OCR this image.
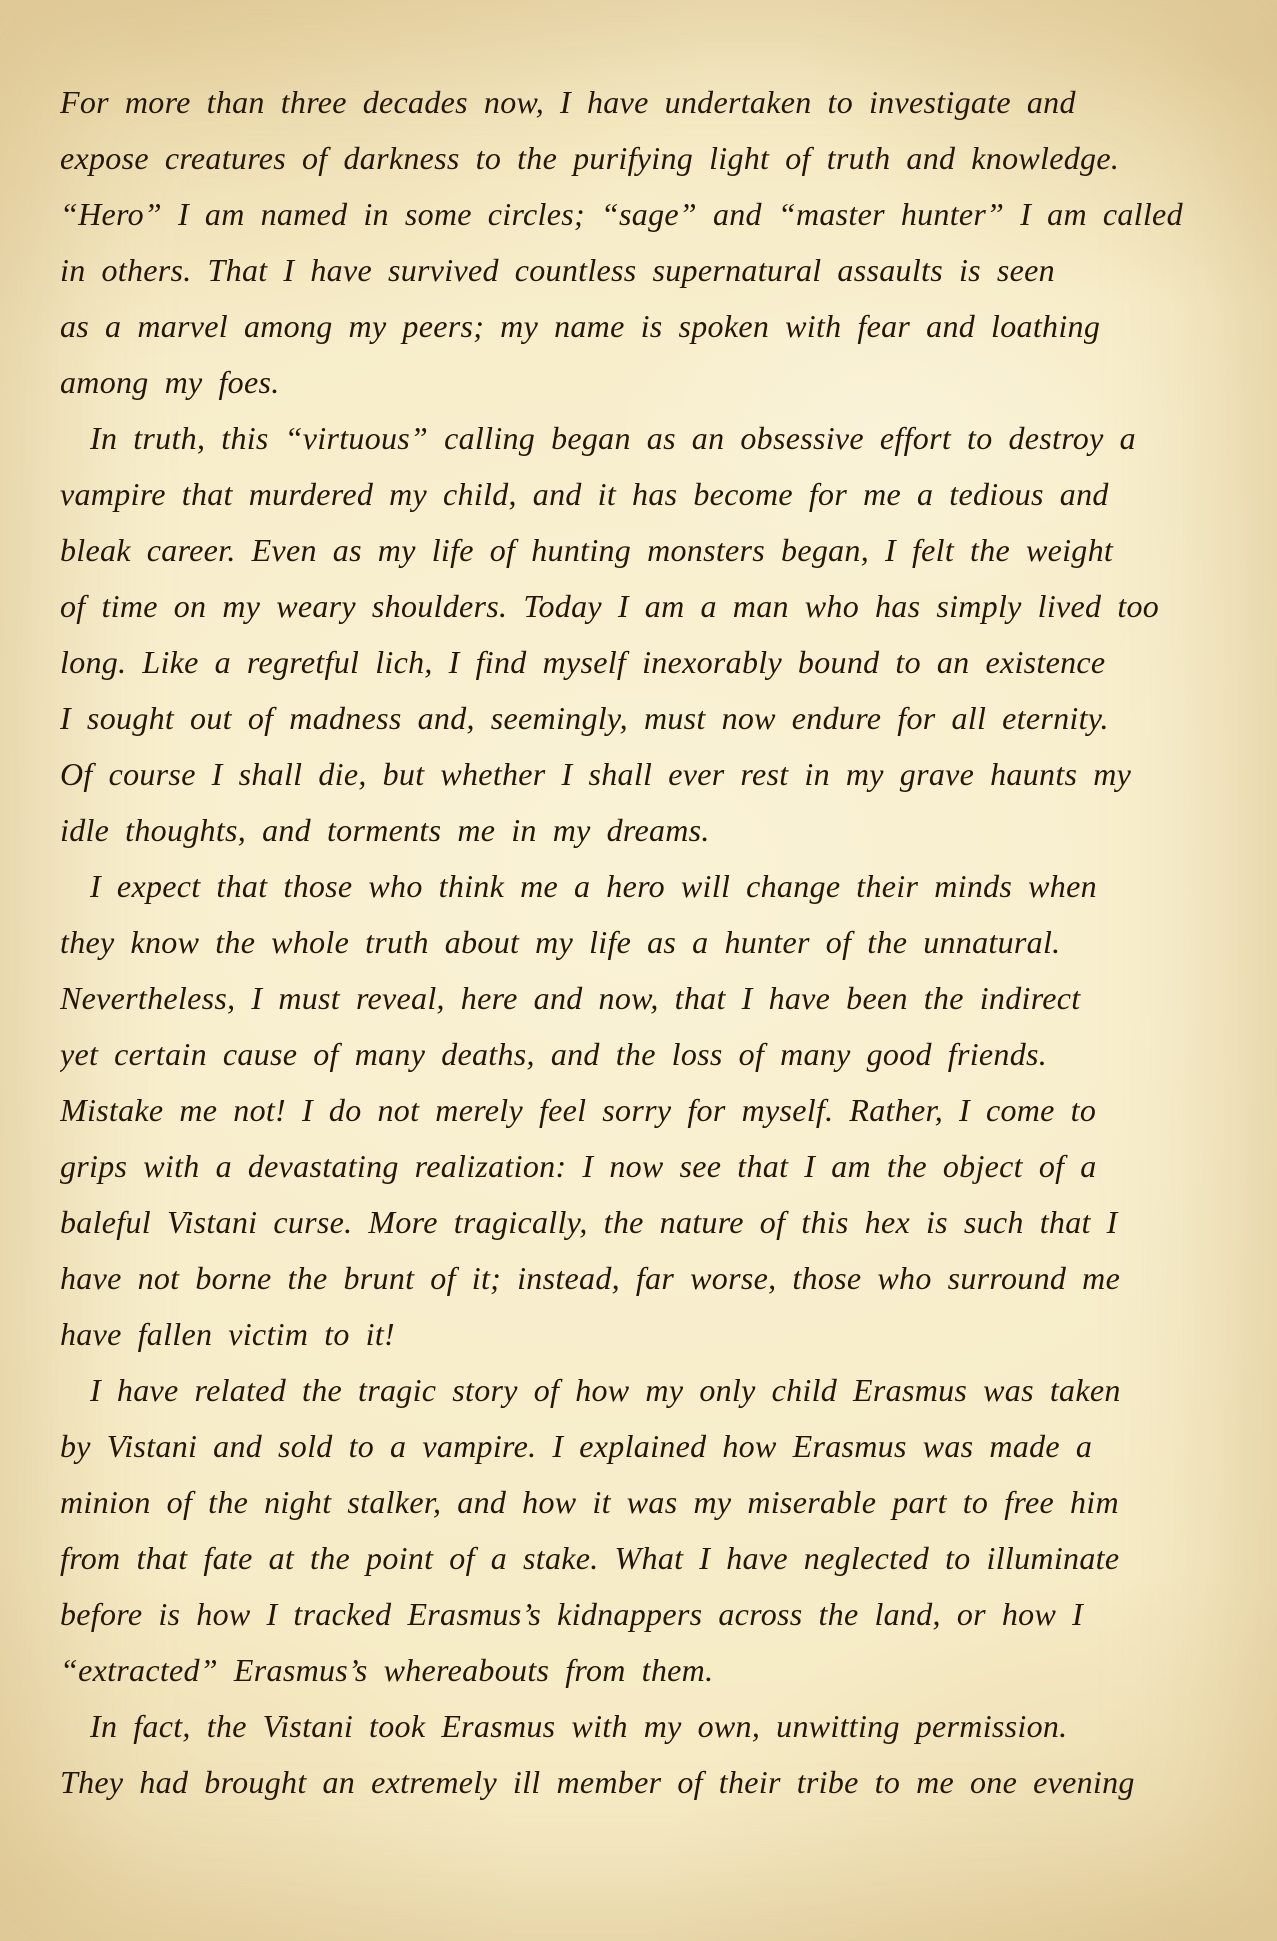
For more than three decades now, I have undertaken to investigate and
expose creatures of darkness to the purifying light of truth and knowledge.
“Hero” I am named in some circles; “sage” and “master hunter” I am called
in others. That I have survived countless supernatural assaults is seen
as a marvel among my peers; my name is spoken with fear and loathing
among my foes.
In truth, this “virtuous” calling began as an obsessive effort to destroy a
vampire that murdered my child, and it has become for me a tedious and
bleak career. Even as my life of hunting monsters began, I felt the weight
of time on my weary shoulders. Today I am a man who has simply lived too
long. Like a regretful lich, I find myself inexorably bound to an existence
I sought out of madness and, seemingly, must now endure for all eternity.
Of course I shall die, but whether I shall ever rest in my grave haunts my
idle thoughts, and torments me in my dreams.
I expect that those who think me a hero will change their minds when
they know the whole truth about my life as a hunter of the unnatural.
Nevertheless, I must reveal, here and now, that I have been the indirect
yet certain cause of many deaths, and the loss of many good friends.
Mistake me not! I do not merely feel sorry for myself. Rather, I come to
grips with a devastating realization: I now see that I am the object of a
baleful Vistani curse. More tragically, the nature of this hex is such that I
have not borne the brunt of it; instead, far worse, those who surround me
have fallen victim to it!
I have related the tragic story of how my only child Erasmus was taken
by Vistani and sold to a vampire. I explained how Erasmus was made a
minion of the night stalker, and how it was my miserable part to free him
from that fate at the point of a stake. What I have neglected to illuminate
before is how I tracked Erasmus’s kidnappers across the land, or how I
“extracted” Erasmus’s whereabouts from them.
In fact, the Vistani took Erasmus with my own, unwitting permission.
They had brought an extremely ill member of their tribe to me one evening
